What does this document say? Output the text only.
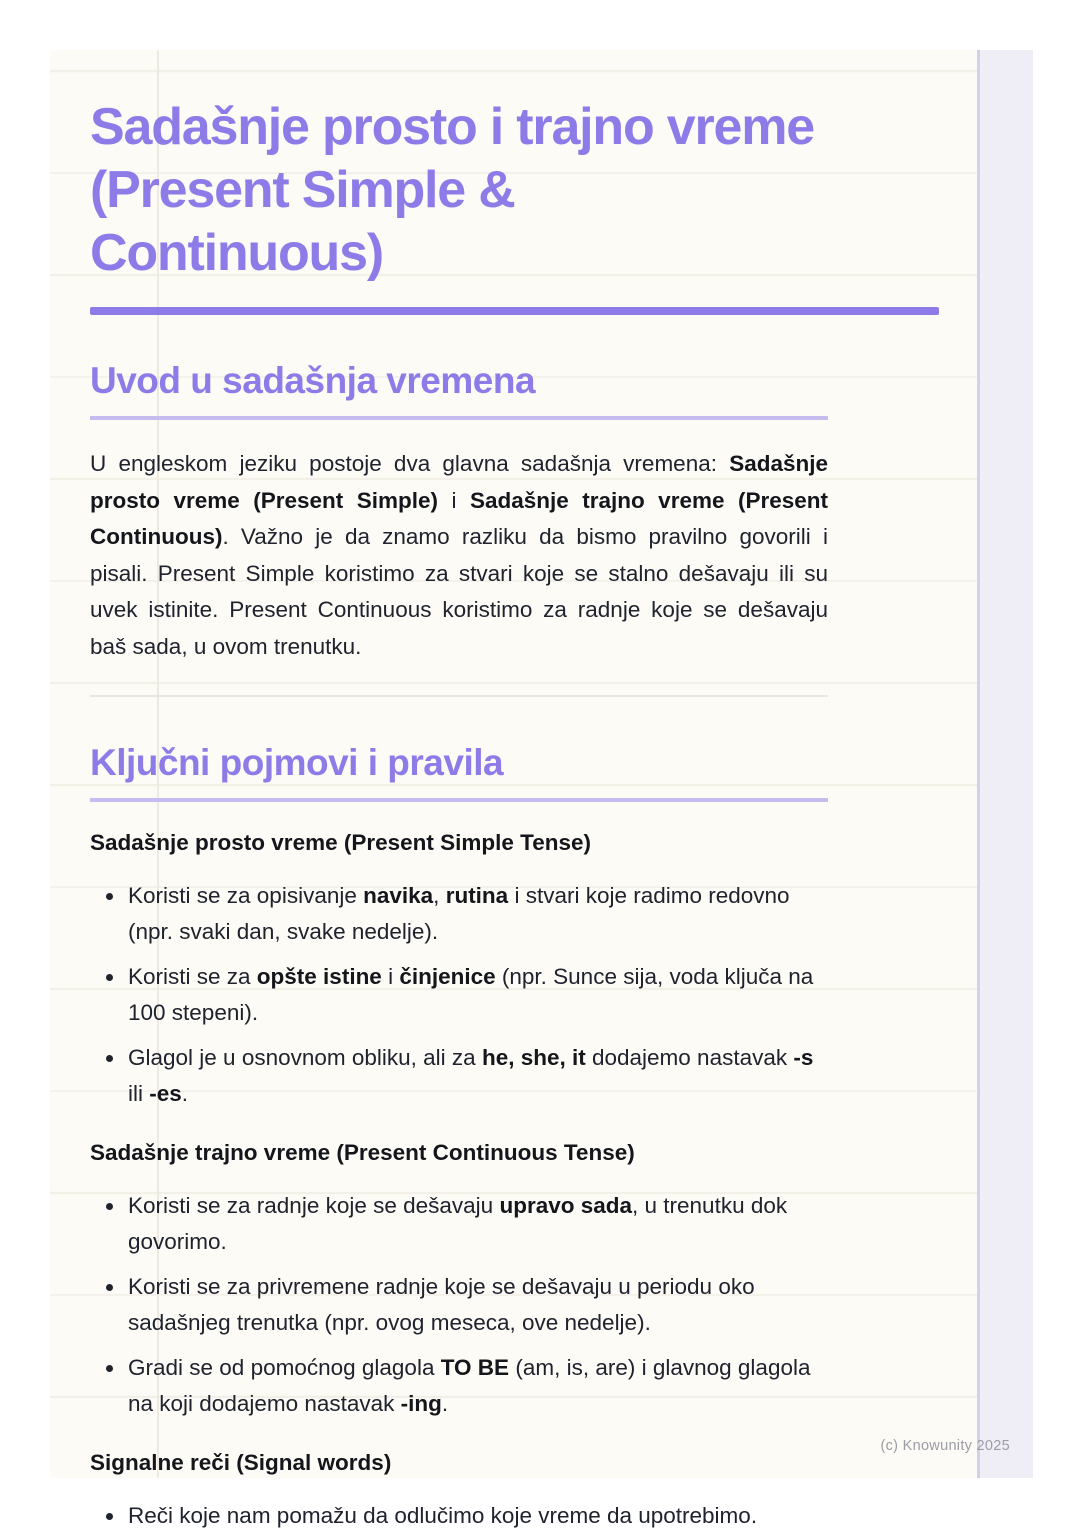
Sadašnje prosto i trajno vreme
(Present Simple &
Continuous)
Uvod u sadašnja vremena

U engleskom jeziku postoje dva glavna sadašnja vremena: Sadašnje prosto vreme (Present Simple) i Sadašnje trajno vreme (Present Continuous). Važno je da znamo razliku da bismo pravilno govorili i pisali. Present Simple koristimo za stvari koje se stalno dešavaju ili su uvek istinite. Present Continuous koristimo za radnje koje se dešavaju baš sada, u ovom trenutku.

Ključni pojmovi i pravila
Sadašnje prosto vreme (Present Simple Tense)
• Koristi se za opisivanje navika, rutina i stvari koje radimo redovno (npr. svaki dan, svake nedelje).
• Koristi se za opšte istine i činjenice (npr. Sunce sija, voda ključa na 100 stepeni).
• Glagol je u osnovnom obliku, ali za he, she, it dodajemo nastavak -s ili -es.
Sadašnje trajno vreme (Present Continuous Tense)
• Koristi se za radnje koje se dešavaju upravo sada, u trenutku dok govorimo.
• Koristi se za privremene radnje koje se dešavaju u periodu oko sadašnjeg trenutka (npr. ovog meseca, ove nedelje).
• Gradi se od pomoćnog glagola TO BE (am, is, are) i glavnog glagola na koji dodajemo nastavak -ing.
Signalne reči (Signal words)
• Reči koje nam pomažu da odlučimo koje vreme da upotrebimo.
(c) Knowunity 2025
